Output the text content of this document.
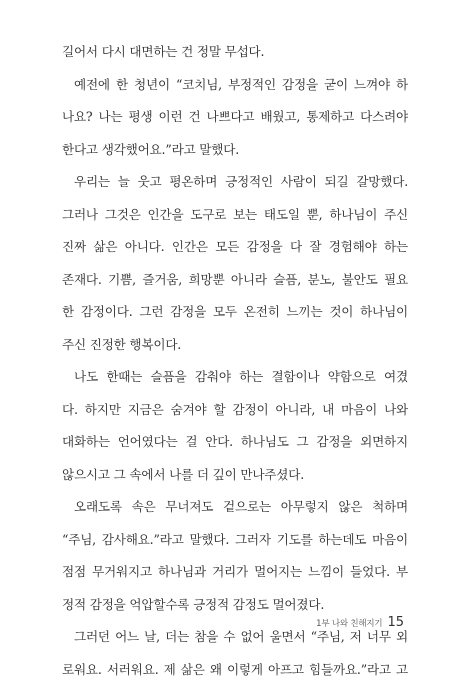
길어서 다시 대면하는 건 정말 무섭다.
예전에 한 청년이 “코치님, 부정적인 감정을 굳이 느껴야 하
나요? 나는 평생 이런 건 나쁘다고 배웠고, 통제하고 다스려야
한다고 생각했어요.”라고 말했다.
우리는 늘 웃고 평온하며 긍정적인 사람이 되길 갈망했다.
그러나 그것은 인간을 도구로 보는 태도일 뿐, 하나님이 주신
진짜 삶은 아니다. 인간은 모든 감정을 다 잘 경험해야 하는
존재다. 기쁨, 즐거움, 희망뿐 아니라 슬픔, 분노, 불안도 필요
한 감정이다. 그런 감정을 모두 온전히 느끼는 것이 하나님이
주신 진정한 행복이다.
나도 한때는 슬픔을 감춰야 하는 결함이나 약함으로 여겼
다. 하지만 지금은 숨겨야 할 감정이 아니라, 내 마음이 나와
대화하는 언어였다는 걸 안다. 하나님도 그 감정을 외면하지
않으시고 그 속에서 나를 더 깊이 만나주셨다.
오래도록 속은 무너져도 겉으로는 아무렇지 않은 척하며
“주님, 감사해요.”라고 말했다. 그러자 기도를 하는데도 마음이
점점 무거워지고 하나님과 거리가 멀어지는 느낌이 들었다. 부
정적 감정을 억압할수록 긍정적 감정도 멀어졌다.
그러던 어느 날, 더는 참을 수 없어 울면서 “주님, 저 너무 외
로워요. 서러워요. 제 삶은 왜 이렇게 아프고 힘들까요.”라고 고
1부 나와 친해지기 15
